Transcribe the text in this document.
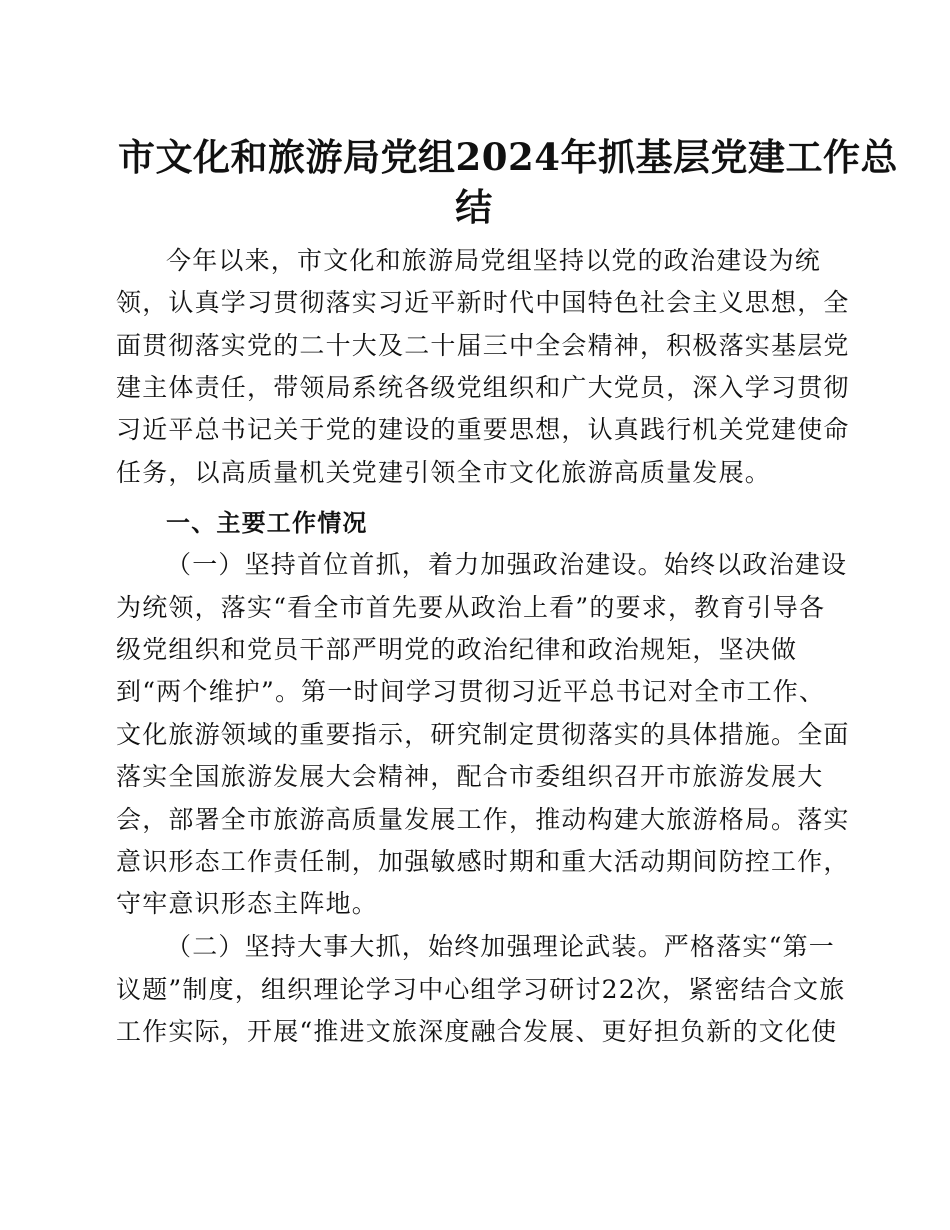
市文化和旅游局党组2024年抓基层党建工作总
结

今年以来，市文化和旅游局党组坚持以党的政治建设为统

领，认真学习贯彻落实习近平新时代中国特色社会主义思想，全

面贯彻落实党的二十大及二十届三中全会精神，积极落实基层党

建主体责任，带领局系统各级党组织和广大党员，深入学习贯彻

习近平总书记关于党的建设的重要思想，认真践行机关党建使命

任务，以高质量机关党建引领全市文化旅游高质量发展。

一、主要工作情况

（一）坚持首位首抓，着力加强政治建设。始终以政治建设

为统领，落实“看全市首先要从政治上看”的要求，教育引导各

级党组织和党员干部严明党的政治纪律和政治规矩，坚决做

到“两个维护”。第一时间学习贯彻习近平总书记对全市工作、

文化旅游领域的重要指示，研究制定贯彻落实的具体措施。全面

落实全国旅游发展大会精神，配合市委组织召开市旅游发展大

会，部署全市旅游高质量发展工作，推动构建大旅游格局。落实

意识形态工作责任制，加强敏感时期和重大活动期间防控工作，

守牢意识形态主阵地。

（二）坚持大事大抓，始终加强理论武装。严格落实“第一

议题”制度，组织理论学习中心组学习研讨22次，紧密结合文旅

工作实际，开展“推进文旅深度融合发展、更好担负新的文化使
